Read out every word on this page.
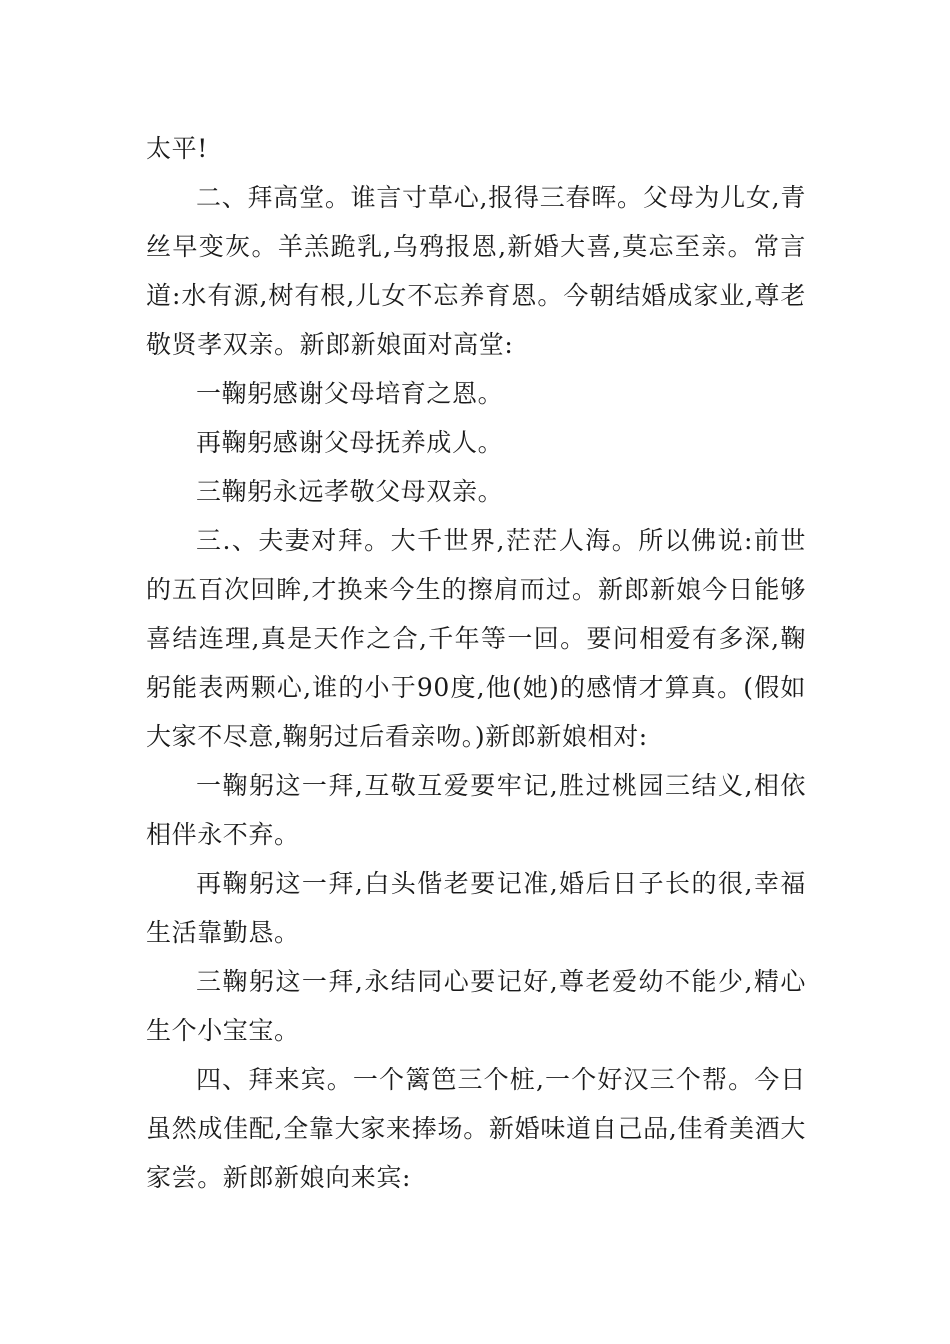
太平!

二、拜高堂。谁言寸草心,报得三春晖。父母为儿女,青丝早变灰。羊羔跪乳,乌鸦报恩,新婚大喜,莫忘至亲。常言道:水有源,树有根,儿女不忘养育恩。今朝结婚成家业,尊老敬贤孝双亲。新郎新娘面对高堂:

一鞠躬感谢父母培育之恩。

再鞠躬感谢父母抚养成人。

三鞠躬永远孝敬父母双亲。

三.、夫妻对拜。大千世界,茫茫人海。所以佛说:前世的五百次回眸,才换来今生的擦肩而过。新郎新娘今日能够喜结连理,真是天作之合,千年等一回。要问相爱有多深,鞠躬能表两颗心,谁的小于90度,他(她)的感情才算真。(假如大家不尽意,鞠躬过后看亲吻。)新郎新娘相对:

一鞠躬这一拜,互敬互爱要牢记,胜过桃园三结义,相依相伴永不弃。

再鞠躬这一拜,白头偕老要记准,婚后日子长的很,幸福生活靠勤恳。

三鞠躬这一拜,永结同心要记好,尊老爱幼不能少,精心生个小宝宝。

四、拜来宾。一个篱笆三个桩,一个好汉三个帮。今日虽然成佳配,全靠大家来捧场。新婚味道自己品,佳肴美酒大家尝。新郎新娘向来宾:
